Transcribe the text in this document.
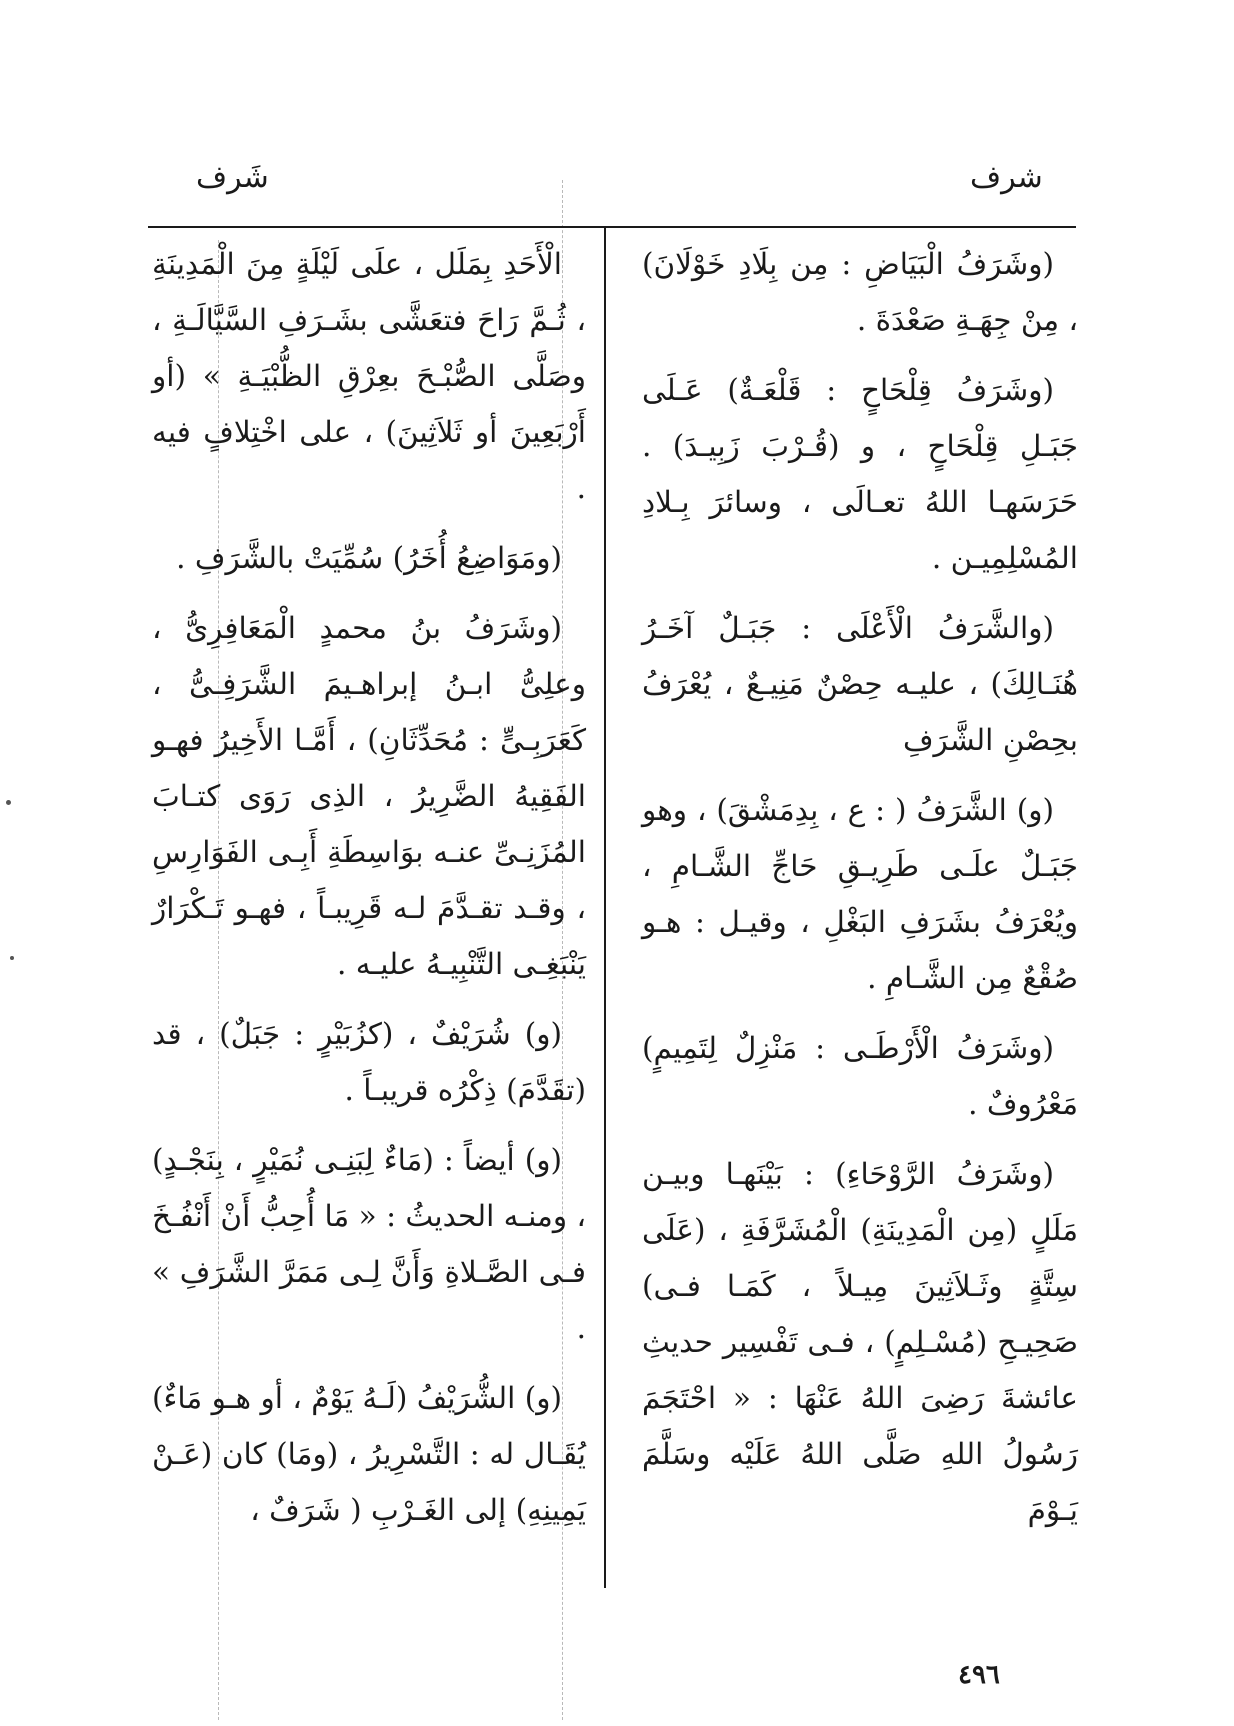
شرف
شَرف

(وشَرَفُ الْبَيَاضِ : مِن بِلَادِ خَوْلَانَ) ، مِنْ جِهَـةِ صَعْدَةَ .

(وشَرَفُ قِلْحَاحٍ : قَلْعَـةٌ) عَـلَى جَبَـلِ قِلْحَاحٍ ، و (قُـرْبَ زَبِيـدَ) . حَرَسَهـا اللهُ تعـالَى ، وسائرَ بِـلادِ المُسْلِمِيـن .

(والشَّرَفُ الْأَعْلَى : جَبَـلٌ آخَـرُ هُنَـالِكَ) ، عليـه حِصْنٌ مَنِيـعٌ ، يُعْرَفُ بحِصْنِ الشَّرَفِ

(و) الشَّرَفُ ( : ع ، بِدِمَشْقَ) ، وهو جَبَـلٌ علَـى طَرِيـقِ حَاجِّ الشَّـامِ ، ويُعْرَفُ بشَرَفِ البَغْلِ ، وقيـل : هـو صُقْعٌ مِن الشَّـامِ .

(وشَرَفُ الْأَرْطَـى : مَنْزِلٌ لِتَمِيمٍ) مَعْرُوفٌ .

(وشَرَفُ الرَّوْحَاءِ) : بَيْنَهـا وبيـن مَلَلٍ (مِن الْمَدِينَةِ) الْمُشَرَّفَةِ ، (عَلَى سِتَّةٍ وثَـلاَثِينَ مِيـلاً ، كَمَـا فـى) صَحِيـحِ (مُسْـلِمٍ) ، فـى تَفْسِير حديثِ عائشةَ رَضِىَ اللهُ عَنْهَا : « احْتَجَمَ رَسُولُ اللهِ صَلَّى اللهُ عَلَيْه وسَلَّمَ يَـوْمَ

الْأَحَدِ بِمَلَل ، علَى لَيْلَةٍ مِنَ الْمَدِينَةِ ، ثُـمَّ رَاحَ فتعَشَّى بشَـرَفِ السَّيَّالَـةِ ، وصَلَّى الصُّبْـحَ بعِرْقِ الظُّبْيَـةِ » (أو أَرْبَعِينَ أو ثَلاَثِينَ) ، على اخْتِلافٍ فيه .

(ومَوَاضِعُ أُخَرُ) سُمِّيَتْ بالشَّرَفِ .

(وشَرَفُ بنُ محمدٍ الْمَعَافِرِىُّ ، وعلِىُّ ابـنُ إبراهـيمَ الشَّرَفِـىُّ ، كَعَرَبِـىٍّ : مُحَدِّثَانِ) ، أَمَّـا الأَخِيرُ فهـو الفَقِيهُ الضَّرِيرُ ، الذِى رَوَى كتـابَ المُزَنِـىِّ عنـه بوَاسِطَةِ أَبِـى الفَوَارِسِ ، وقـد تقـدَّمَ لـه قَرِيبـاً ، فهـو تَـكْرَارٌ يَنْبَغِـى التَّنْبِيـهُ عليـه .

(و) شُرَيْفٌ ، (كزُبَيْرٍ : جَبَلٌ) ، قد (تقَدَّمَ) ذِكْرُه قريبـاً .

(و) أيضاً : (مَاءٌ لِبَنِـى نُمَيْرٍ ، بِنَجْـدٍ) ، ومنـه الحديثُ : « مَا أُحِبُّ أَنْ أَنْفُـخَ فـى الصَّـلاةِ وَأَنَّ لِـى مَمَرَّ الشَّرَفِ » .

(و) الشُّرَيْفُ (لَـهُ يَوْمٌ ، أو هـو مَاءٌ) يُقَـال له : التَّسْرِيرُ ، (ومَا) كان (عَـنْ يَمِينِهِ) إلى الغَـرْبِ ( شَرَفٌ ،

٤٩٦
